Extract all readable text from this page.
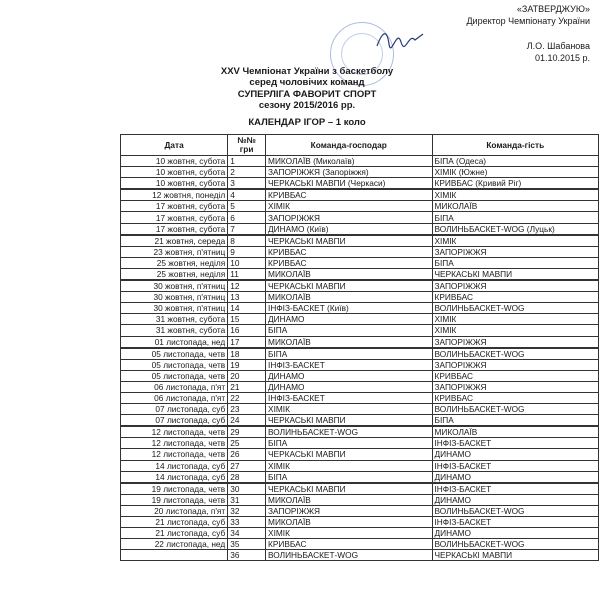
«ЗАТВЕРДЖУЮ»
Директор Чемпіонату України
Л.О. Шабанова
01.10.2015 р.
XXV Чемпіонат України з баскетболу
серед чоловічих команд
СУПЕРЛІГА ФАВОРИТ СПОРТ
сезону 2015/2016 рр.
КАЛЕНДАР ІГОР – 1 коло
Дата	№№
гри	Команда-господар	Команда-гість
10 жовтня, субота	1	МИКОЛАЇВ (Миколаїв)	БІПА (Одеса)
10 жовтня, субота	2	ЗАПОРІЖЖЯ (Запоріжжя)	ХІМІК (Южне)
10 жовтня, субота	3	ЧЕРКАСЬКІ МАВПИ (Черкаси)	КРИВБАС (Кривий Ріг)
12 жовтня, понеділ	4	КРИВБАС	ХІМІК
17 жовтня, субота	5	ХІМІК	МИКОЛАЇВ
17 жовтня, субота	6	ЗАПОРІЖЖЯ	БІПА
17 жовтня, субота	7	ДИНАМО (Київ)	ВОЛИНЬБАСКЕТ-WOG (Луцьк)
21 жовтня, середа	8	ЧЕРКАСЬКІ МАВПИ	ХІМІК
23 жовтня, п'ятниц	9	КРИВБАС	ЗАПОРІЖЖЯ
25 жовтня, неділя	10	КРИВБАС	БІПА
25 жовтня, неділя	11	МИКОЛАЇВ	ЧЕРКАСЬКІ МАВПИ
30 жовтня, п'ятниц	12	ЧЕРКАСЬКІ МАВПИ	ЗАПОРІЖЖЯ
30 жовтня, п'ятниц	13	МИКОЛАЇВ	КРИВБАС
30 жовтня, п'ятниц	14	ІНФІЗ-БАСКЕТ (Київ)	ВОЛИНЬБАСКЕТ-WOG
31 жовтня, субота	15	ДИНАМО	ХІМІК
31 жовтня, субота	16	БІПА	ХІМІК
01 листопада, нед	17	МИКОЛАЇВ	ЗАПОРІЖЖЯ
05 листопада, четв	18	БІПА	ВОЛИНЬБАСКЕТ-WOG
05 листопада, четв	19	ІНФІЗ-БАСКЕТ	ЗАПОРІЖЖЯ
05 листопада, четв	20	ДИНАМО	КРИВБАС
06 листопада, п'ят	21	ДИНАМО	ЗАПОРІЖЖЯ
06 листопада, п'ят	22	ІНФІЗ-БАСКЕТ	КРИВБАС
07 листопада, суб	23	ХІМІК	ВОЛИНЬБАСКЕТ-WOG
07 листопада, суб	24	ЧЕРКАСЬКІ МАВПИ	БІПА
12 листопада, четв	29	ВОЛИНЬБАСКЕТ-WOG	МИКОЛАЇВ
12 листопада, четв	25	БІПА	ІНФІЗ-БАСКЕТ
12 листопада, четв	26	ЧЕРКАСЬКІ МАВПИ	ДИНАМО
14 листопада, суб	27	ХІМІК	ІНФІЗ-БАСКЕТ
14 листопада, суб	28	БІПА	ДИНАМО
19 листопада, четв	30	ЧЕРКАСЬКІ МАВПИ	ІНФІЗ-БАСКЕТ
19 листопада, четв	31	МИКОЛАЇВ	ДИНАМО
20 листопада, п'ят	32	ЗАПОРІЖЖЯ	ВОЛИНЬБАСКЕТ-WOG
21 листопада, суб	33	МИКОЛАЇВ	ІНФІЗ-БАСКЕТ
21 листопада, суб	34	ХІМІК	ДИНАМО
22 листопада, нед	35	КРИВБАС	ВОЛИНЬБАСКЕТ-WOG
	36	ВОЛИНЬБАСКЕТ-WOG	ЧЕРКАСЬКІ МАВПИ
